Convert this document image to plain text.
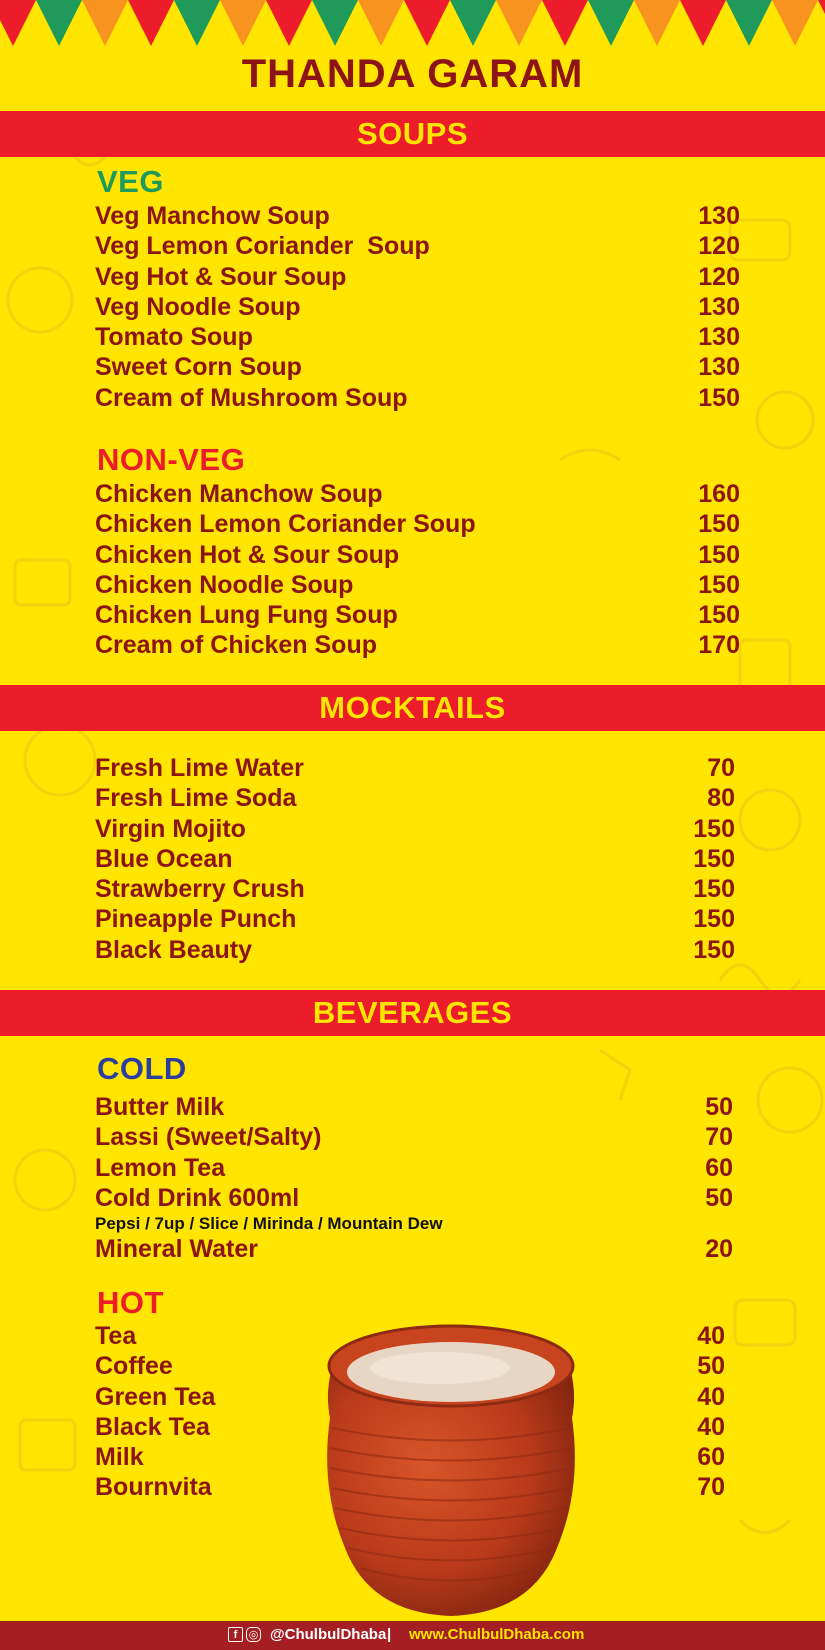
THANDA GARAM
SOUPS
VEG
Veg Manchow Soup	130
Veg Lemon Coriander  Soup	120
Veg Hot & Sour Soup	120
Veg Noodle Soup	130
Tomato Soup	130
Sweet Corn Soup	130
Cream of Mushroom Soup	150
NON-VEG
Chicken Manchow Soup	160
Chicken Lemon Coriander Soup	150
Chicken Hot & Sour Soup	150
Chicken Noodle Soup	150
Chicken Lung Fung Soup	150
Cream of Chicken Soup	170
MOCKTAILS
Fresh Lime Water	70
Fresh Lime Soda	80
Virgin Mojito	150
Blue Ocean	150
Strawberry Crush	150
Pineapple Punch	150
Black Beauty	150
BEVERAGES
COLD
Butter Milk	50
Lassi (Sweet/Salty)	70
Lemon Tea	60
Cold Drink 600ml	50
Pepsi / 7up / Slice / Mirinda / Mountain Dew
Mineral Water	20
HOT
Tea	40
Coffee	50
Green Tea	40
Black Tea	40
Milk	60
Bournvita	70
f	◎ @ChulbulDhaba | www.ChulbulDhaba.com
